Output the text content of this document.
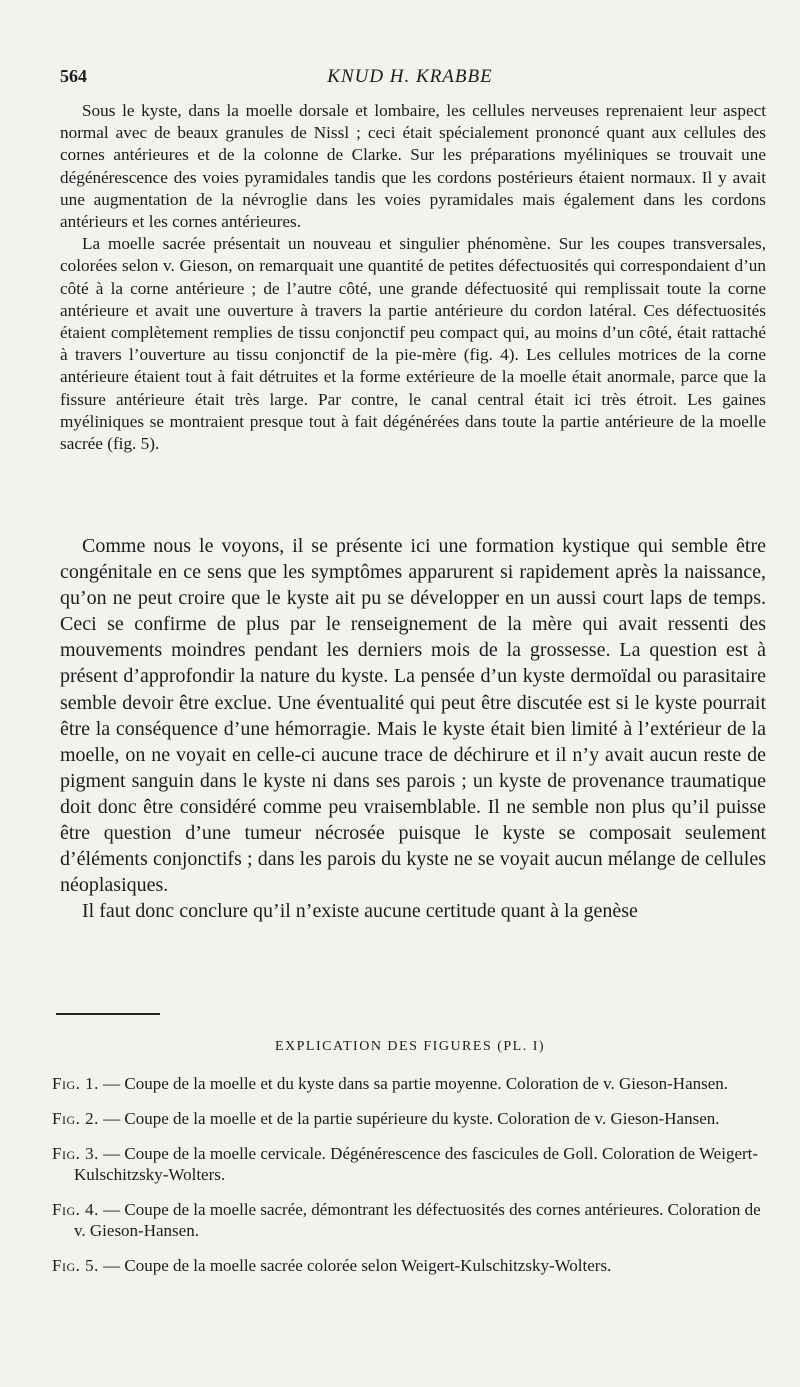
564	KNUD H. KRABBE

Sous le kyste, dans la moelle dorsale et lombaire, les cellules nerveuses reprenaient leur aspect normal avec de beaux granules de Nissl ; ceci était spécialement prononcé quant aux cellules des cornes antérieures et de la colonne de Clarke. Sur les préparations myéliniques se trouvait une dégénérescence des voies pyramidales tandis que les cordons postérieurs étaient normaux. Il y avait une augmentation de la névroglie dans les voies pyramidales mais également dans les cordons antérieurs et les cornes antérieures.

La moelle sacrée présentait un nouveau et singulier phénomène. Sur les coupes transversales, colorées selon v. Gieson, on remarquait une quantité de petites défectuosités qui correspondaient d’un côté à la corne antérieure ; de l’autre côté, une grande défectuosité qui remplissait toute la corne antérieure et avait une ouverture à travers la partie antérieure du cordon latéral. Ces défectuosités étaient complètement remplies de tissu conjonctif peu compact qui, au moins d’un côté, était rattaché à travers l’ouverture au tissu conjonctif de la pie-mère (fig. 4). Les cellules motrices de la corne antérieure étaient tout à fait détruites et la forme extérieure de la moelle était anormale, parce que la fissure antérieure était très large. Par contre, le canal central était ici très étroit. Les gaines myéliniques se montraient presque tout à fait dégénérées dans toute la partie antérieure de la moelle sacrée (fig. 5).

Comme nous le voyons, il se présente ici une formation kystique qui semble être congénitale en ce sens que les symptômes apparurent si rapidement après la naissance, qu’on ne peut croire que le kyste ait pu se développer en un aussi court laps de temps. Ceci se confirme de plus par le renseignement de la mère qui avait ressenti des mouvements moindres pendant les derniers mois de la grossesse. La question est à présent d’approfondir la nature du kyste. La pensée d’un kyste dermoïdal ou parasitaire semble devoir être exclue. Une éventualité qui peut être discutée est si le kyste pourrait être la conséquence d’une hémorragie. Mais le kyste était bien limité à l’extérieur de la moelle, on ne voyait en celle-ci aucune trace de déchirure et il n’y avait aucun reste de pigment sanguin dans le kyste ni dans ses parois ; un kyste de provenance traumatique doit donc être considéré comme peu vraisemblable. Il ne semble non plus qu’il puisse être question d’une tumeur nécrosée puisque le kyste se composait seulement d’éléments conjonctifs ; dans les parois du kyste ne se voyait aucun mélange de cellules néoplasiques.

Il faut donc conclure qu’il n’existe aucune certitude quant à la genèse

EXPLICATION DES FIGURES (PL. I)

Fig. 1. — Coupe de la moelle et du kyste dans sa partie moyenne. Coloration de v. Gieson-Hansen.

Fig. 2. — Coupe de la moelle et de la partie supérieure du kyste. Coloration de v. Gieson-Hansen.

Fig. 3. — Coupe de la moelle cervicale. Dégénérescence des fascicules de Goll. Coloration de Weigert-Kulschitzsky-Wolters.

Fig. 4. — Coupe de la moelle sacrée, démontrant les défectuosités des cornes antérieures. Coloration de v. Gieson-Hansen.

Fig. 5. — Coupe de la moelle sacrée colorée selon Weigert-Kulschitzsky-Wolters.
